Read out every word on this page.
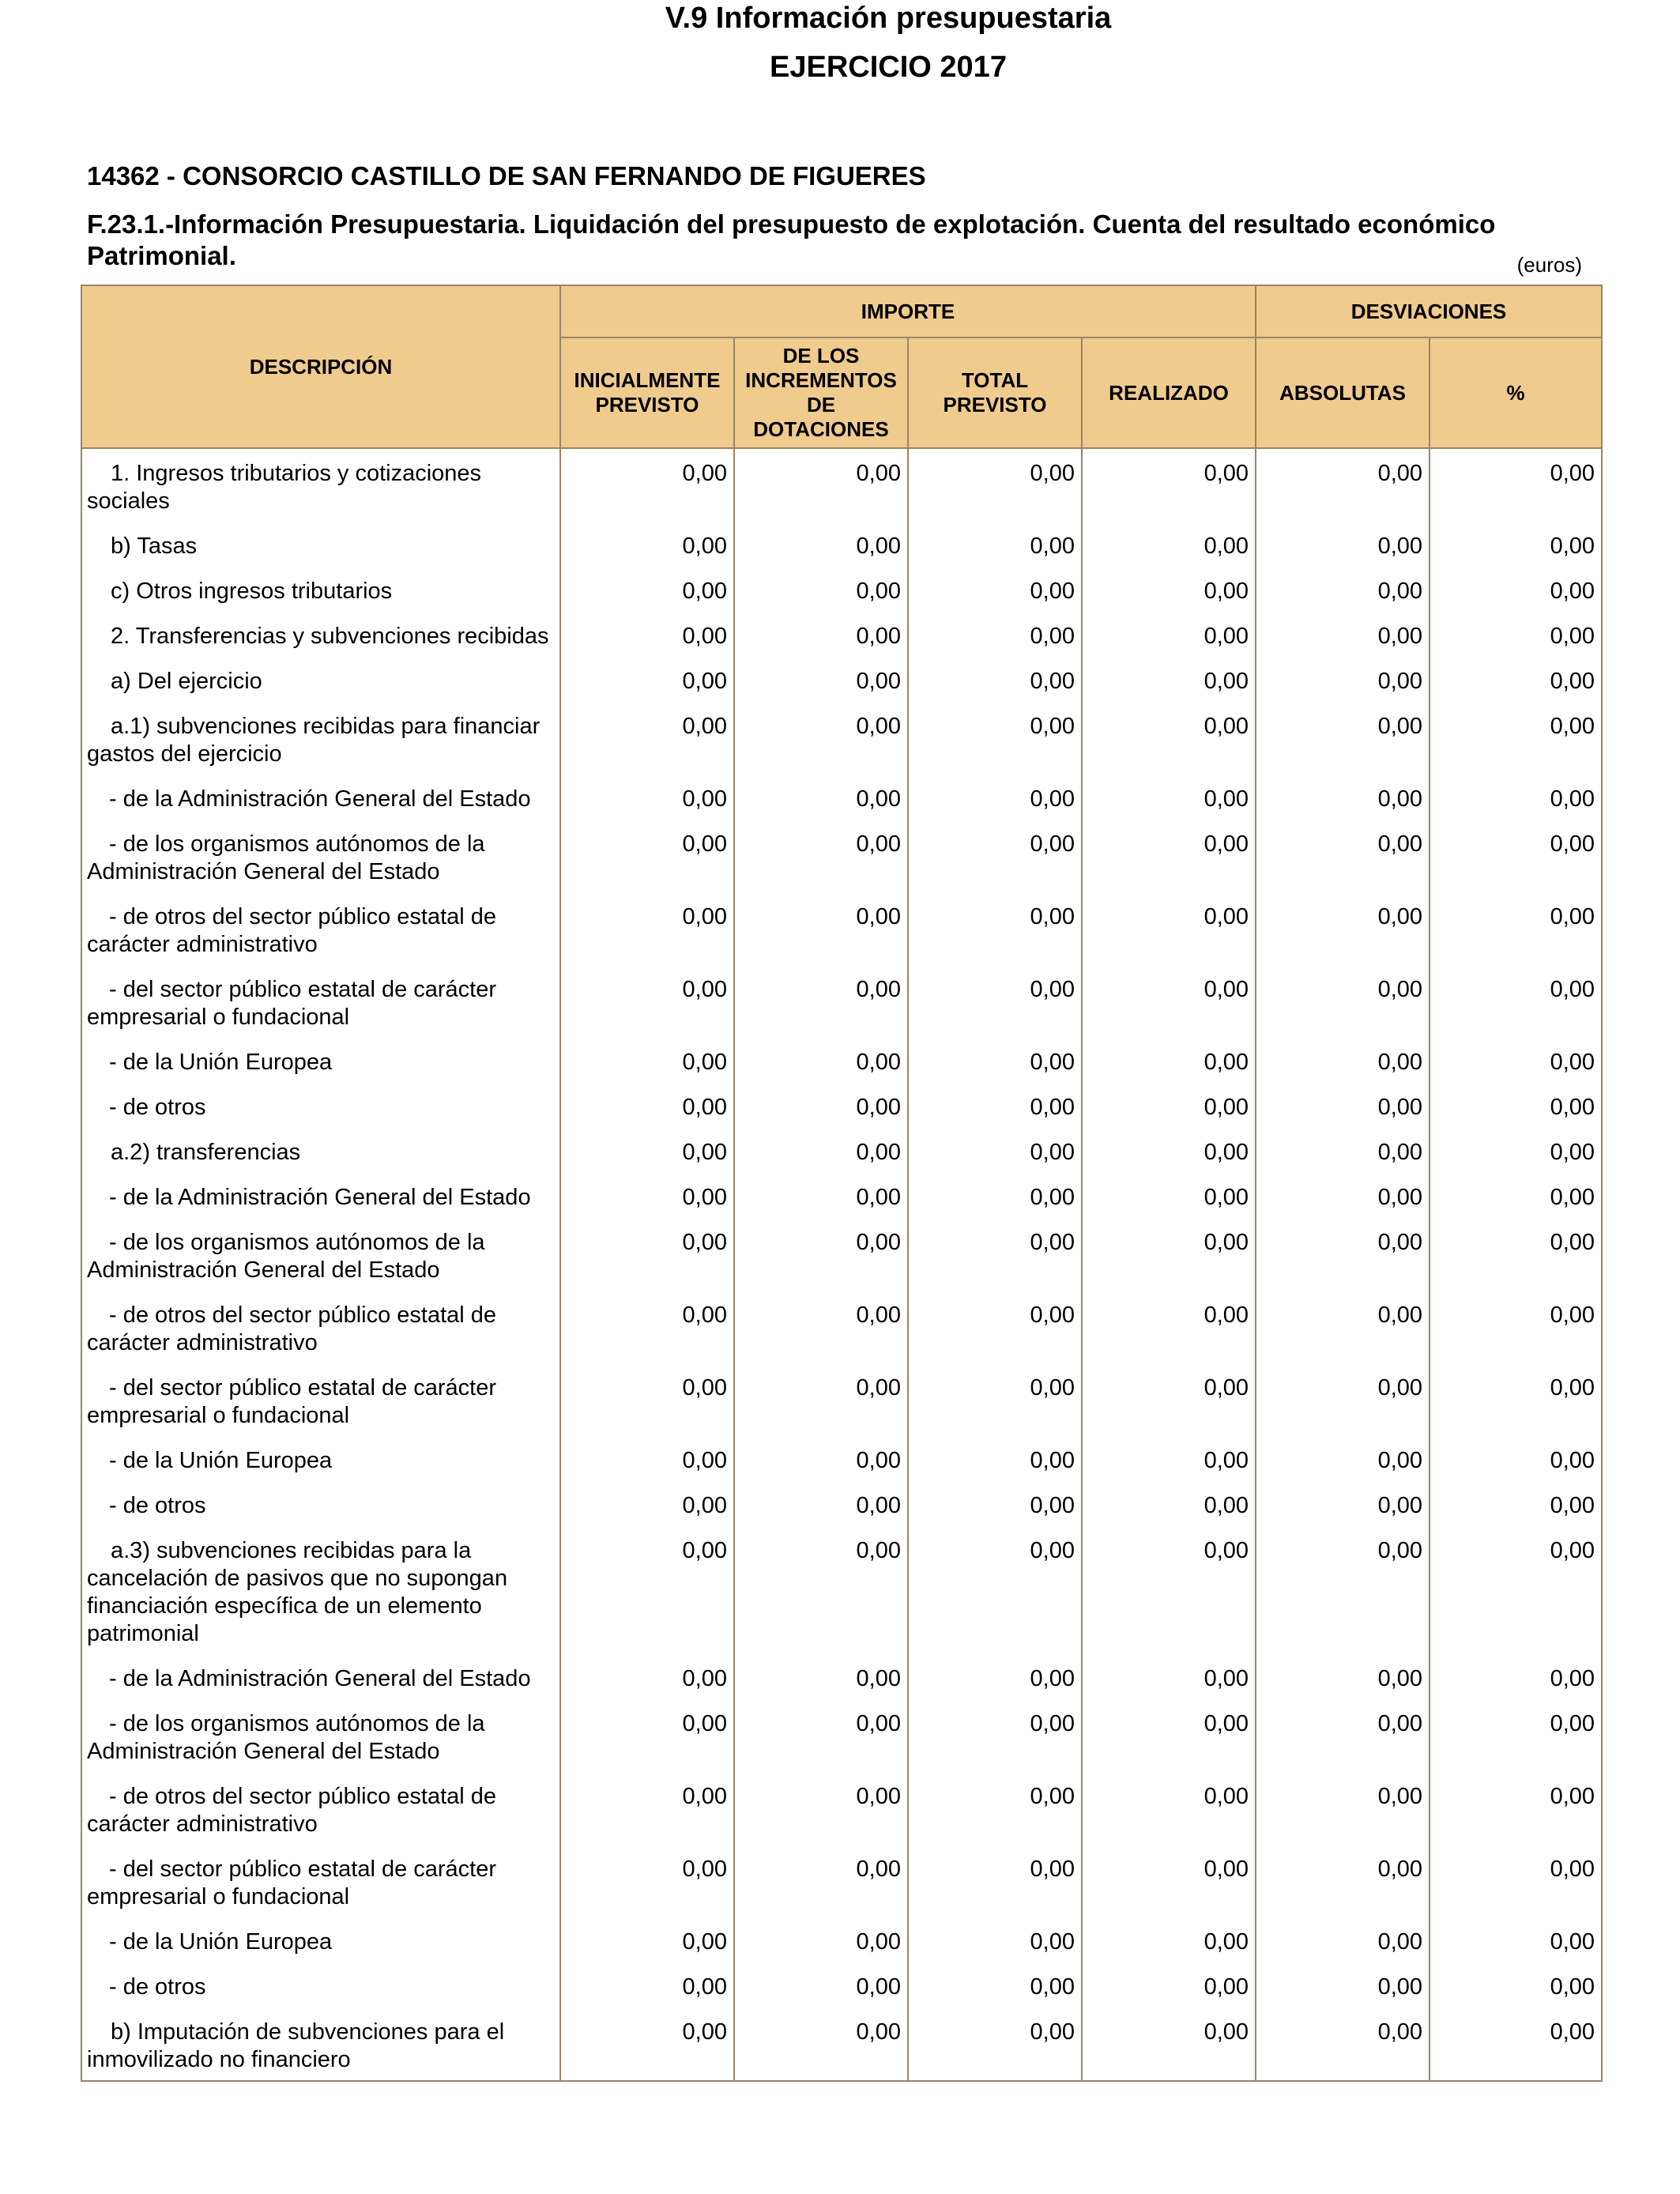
V.9 Información presupuestaria
EJERCICIO 2017
14362 - CONSORCIO CASTILLO DE SAN FERNANDO DE FIGUERES
F.23.1.-Información Presupuestaria. Liquidación del presupuesto de explotación. Cuenta del resultado económico Patrimonial.	(euros)
DESCRIPCIÓN	IMPORTE				DESVIACIONES	
	INICIALMENTE PREVISTO	DE LOS INCREMENTOS DE DOTACIONES	TOTAL PREVISTO	REALIZADO	ABSOLUTAS	%
1. Ingresos tributarios y cotizaciones sociales	0,00	0,00	0,00	0,00	0,00	0,00
b) Tasas	0,00	0,00	0,00	0,00	0,00	0,00
c) Otros ingresos tributarios	0,00	0,00	0,00	0,00	0,00	0,00
2. Transferencias y subvenciones recibidas	0,00	0,00	0,00	0,00	0,00	0,00
a) Del ejercicio	0,00	0,00	0,00	0,00	0,00	0,00
a.1) subvenciones recibidas para financiar gastos del ejercicio	0,00	0,00	0,00	0,00	0,00	0,00
- de la Administración General del Estado	0,00	0,00	0,00	0,00	0,00	0,00
- de los organismos autónomos de la Administración General del Estado	0,00	0,00	0,00	0,00	0,00	0,00
- de otros del sector público estatal de carácter administrativo	0,00	0,00	0,00	0,00	0,00	0,00
- del sector público estatal de carácter empresarial o fundacional	0,00	0,00	0,00	0,00	0,00	0,00
- de la Unión Europea	0,00	0,00	0,00	0,00	0,00	0,00
- de otros	0,00	0,00	0,00	0,00	0,00	0,00
a.2) transferencias	0,00	0,00	0,00	0,00	0,00	0,00
- de la Administración General del Estado	0,00	0,00	0,00	0,00	0,00	0,00
- de los organismos autónomos de la Administración General del Estado	0,00	0,00	0,00	0,00	0,00	0,00
- de otros del sector público estatal de carácter administrativo	0,00	0,00	0,00	0,00	0,00	0,00
- del sector público estatal de carácter empresarial o fundacional	0,00	0,00	0,00	0,00	0,00	0,00
- de la Unión Europea	0,00	0,00	0,00	0,00	0,00	0,00
- de otros	0,00	0,00	0,00	0,00	0,00	0,00
a.3) subvenciones recibidas para la cancelación de pasivos que no supongan financiación específica de un elemento patrimonial	0,00	0,00	0,00	0,00	0,00	0,00
- de la Administración General del Estado	0,00	0,00	0,00	0,00	0,00	0,00
- de los organismos autónomos de la Administración General del Estado	0,00	0,00	0,00	0,00	0,00	0,00
- de otros del sector público estatal de carácter administrativo	0,00	0,00	0,00	0,00	0,00	0,00
- del sector público estatal de carácter empresarial o fundacional	0,00	0,00	0,00	0,00	0,00	0,00
- de la Unión Europea	0,00	0,00	0,00	0,00	0,00	0,00
- de otros	0,00	0,00	0,00	0,00	0,00	0,00
b) Imputación de subvenciones para el inmovilizado no financiero	0,00	0,00	0,00	0,00	0,00	0,00
